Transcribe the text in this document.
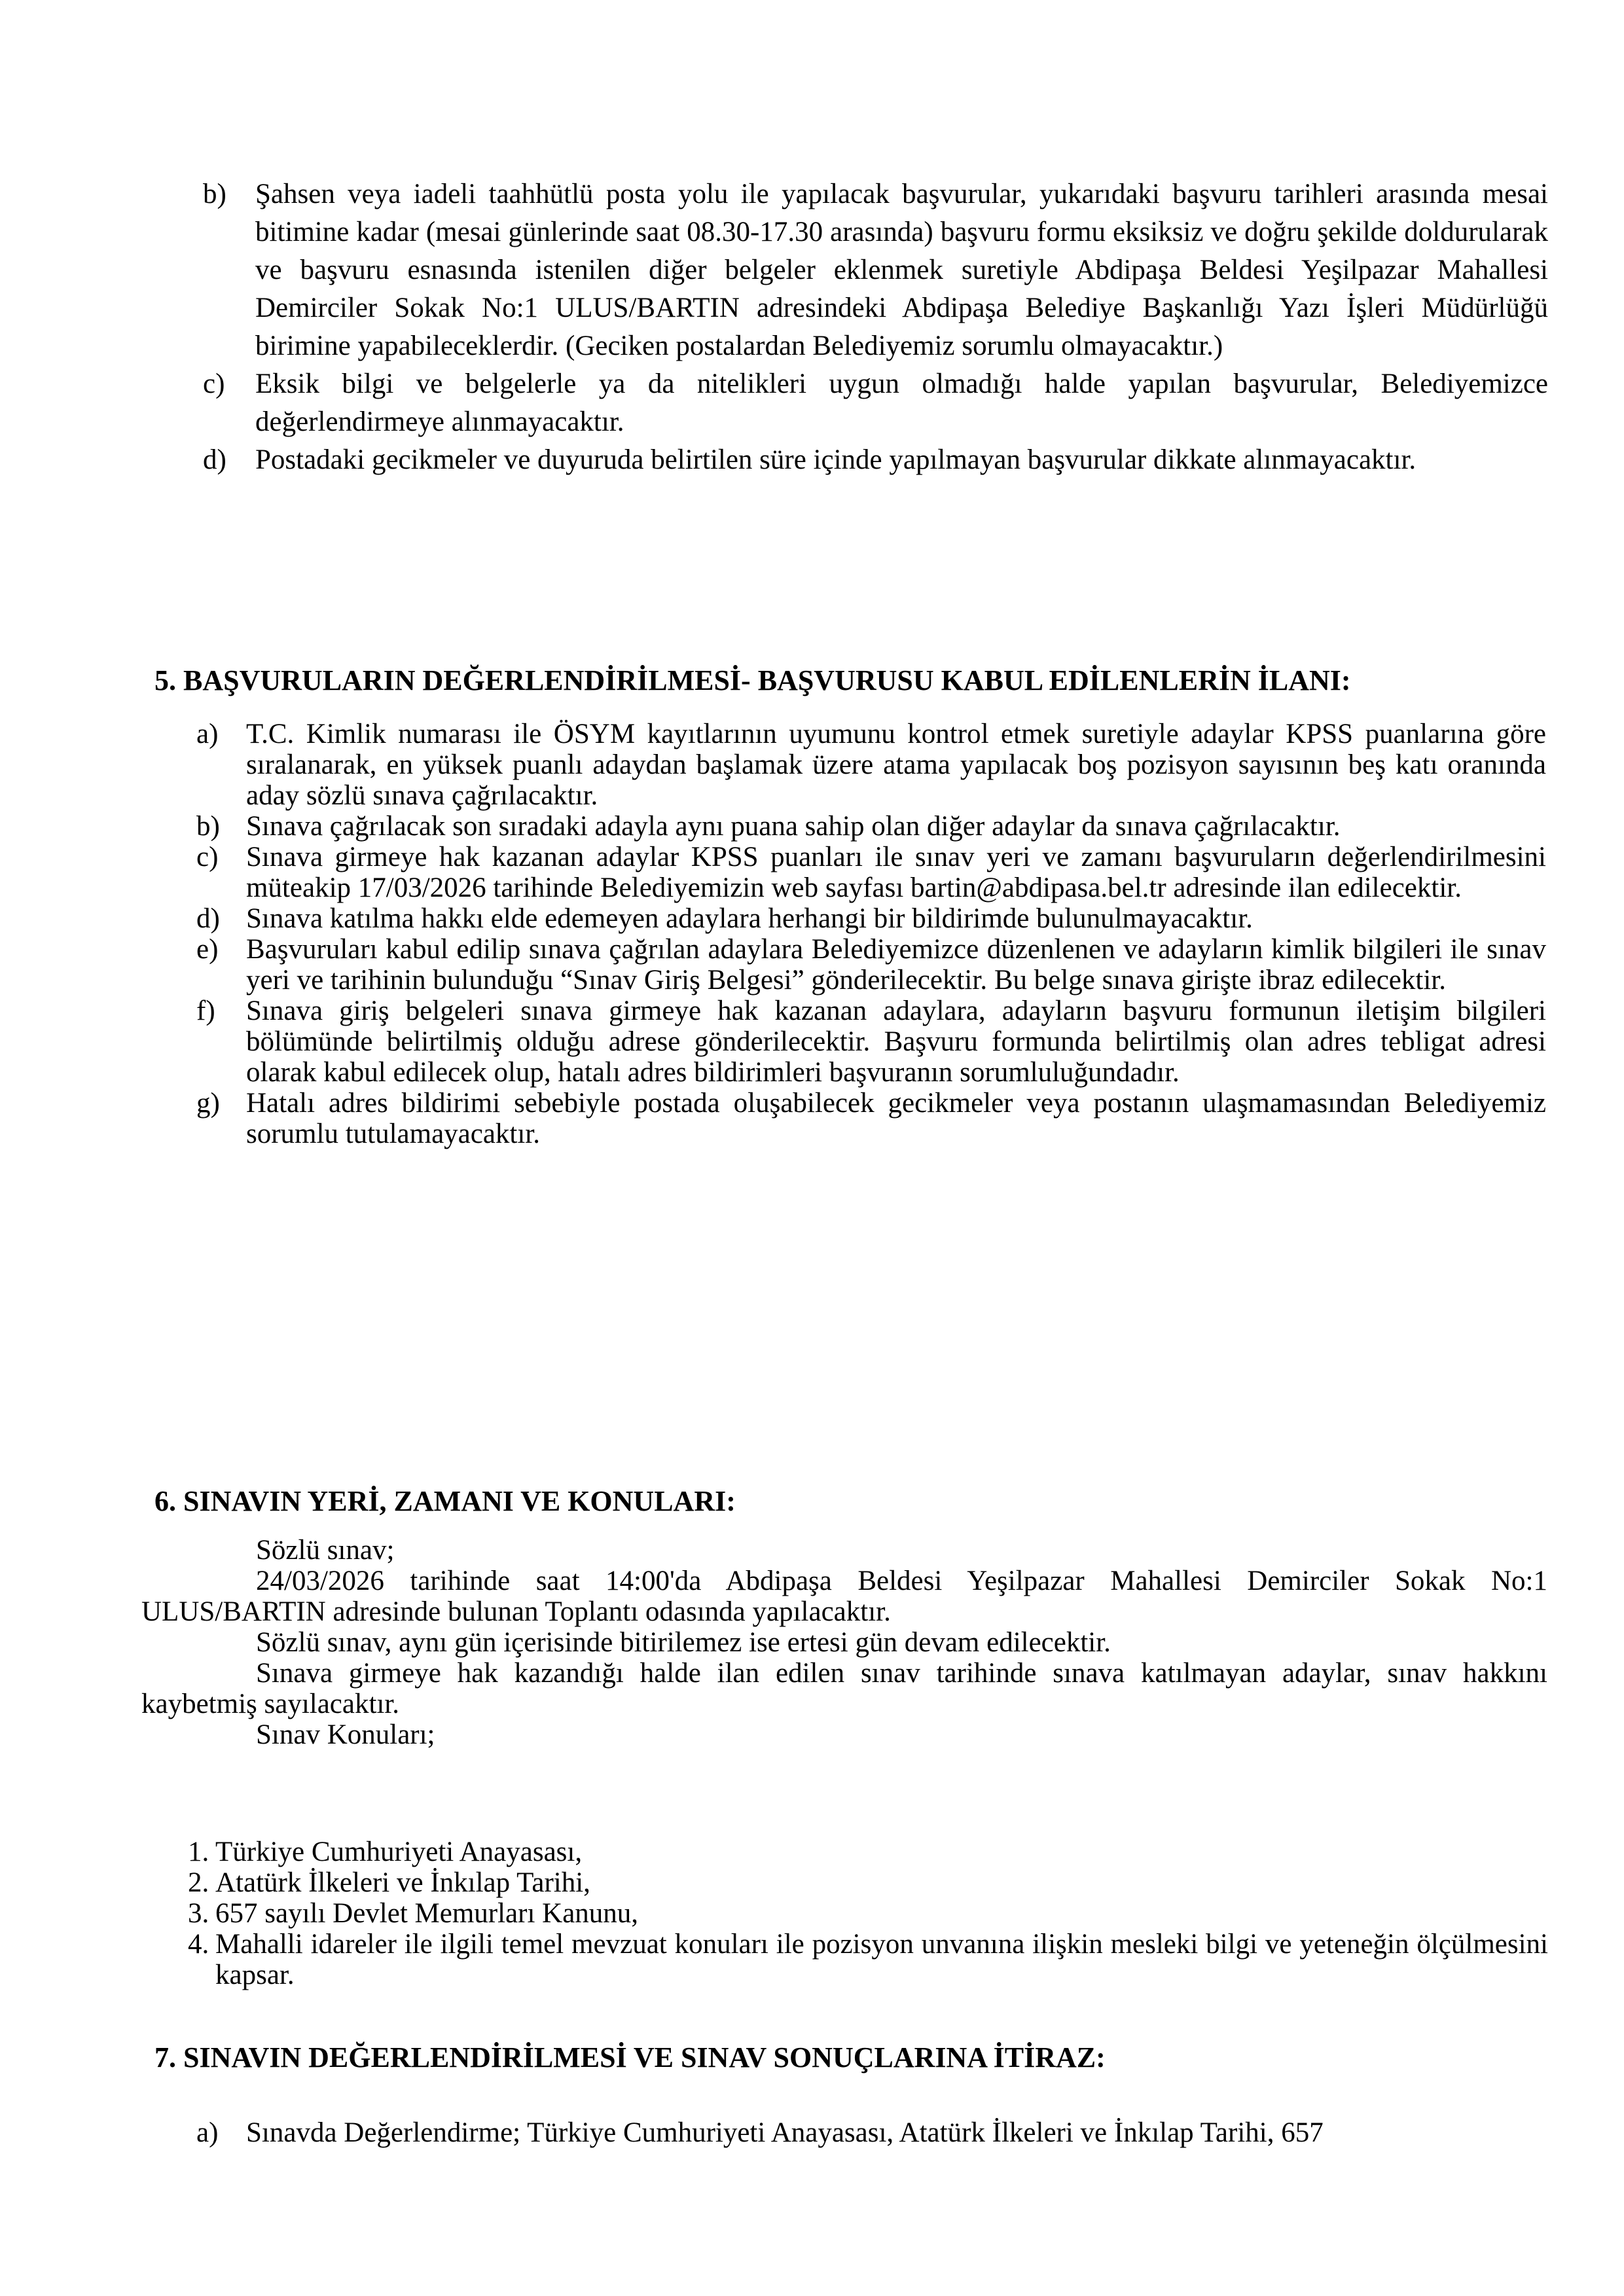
b)	Şahsen veya iadeli taahhütlü posta yolu ile yapılacak başvurular, yukarıdaki başvuru tarihleri arasında mesai bitimine kadar (mesai günlerinde saat 08.30-17.30 arasında) başvuru formu eksiksiz ve doğru şekilde doldurularak ve başvuru esnasında istenilen diğer belgeler eklenmek suretiyle Abdipaşa Beldesi Yeşilpazar Mahallesi Demirciler Sokak No:1 ULUS/BARTIN adresindeki Abdipaşa Belediye Başkanlığı Yazı İşleri Müdürlüğü birimine yapabileceklerdir. (Geciken postalardan Belediyemiz sorumlu olmayacaktır.)
c)	Eksik bilgi ve belgelerle ya da nitelikleri uygun olmadığı halde yapılan başvurular, Belediyemizce değerlendirmeye alınmayacaktır.
d)	Postadaki gecikmeler ve duyuruda belirtilen süre içinde yapılmayan başvurular dikkate alınmayacaktır.
5. BAŞVURULARIN DEĞERLENDİRİLMESİ- BAŞVURUSU KABUL EDİLENLERİN İLANI:
a) T.C. Kimlik numarası ile ÖSYM kayıtlarının uyumunu kontrol etmek suretiyle adaylar KPSS puanlarına göre sıralanarak, en yüksek puanlı adaydan başlamak üzere atama yapılacak boş pozisyon sayısının beş katı oranında aday sözlü sınava çağrılacaktır.
b) Sınava çağrılacak son sıradaki adayla aynı puana sahip olan diğer adaylar da sınava çağrılacaktır.
c) Sınava girmeye hak kazanan adaylar KPSS puanları ile sınav yeri ve zamanı başvuruların değerlendirilmesini müteakip 17/03/2026 tarihinde Belediyemizin web sayfası bartin@abdipasa.bel.tr adresinde ilan edilecektir.
d) Sınava katılma hakkı elde edemeyen adaylara herhangi bir bildirimde bulunulmayacaktır.
e) Başvuruları kabul edilip sınava çağrılan adaylara Belediyemizce düzenlenen ve adayların kimlik bilgileri ile sınav yeri ve tarihinin bulunduğu “Sınav Giriş Belgesi” gönderilecektir. Bu belge sınava girişte ibraz edilecektir.
f)	Sınava giriş belgeleri sınava girmeye hak kazanan adaylara, adayların başvuru formunun iletişim bilgileri bölümünde belirtilmiş olduğu adrese gönderilecektir. Başvuru formunda belirtilmiş olan adres tebligat adresi olarak kabul edilecek olup, hatalı adres bildirimleri başvuranın sorumluluğundadır.
g) Hatalı adres bildirimi sebebiyle postada oluşabilecek gecikmeler veya postanın ulaşmamasından Belediyemiz sorumlu tutulamayacaktır.
6. SINAVIN YERİ, ZAMANI VE KONULARI:

Sözlü sınav;

24/03/2026 tarihinde saat 14:00'da Abdipaşa Beldesi Yeşilpazar Mahallesi Demirciler Sokak No:1 ULUS/BARTIN adresinde bulunan Toplantı odasında yapılacaktır.

Sözlü sınav, aynı gün içerisinde bitirilemez ise ertesi gün devam edilecektir.

Sınava girmeye hak kazandığı halde ilan edilen sınav tarihinde sınava katılmayan adaylar, sınav hakkını kaybetmiş sayılacaktır.

Sınav Konuları;

1. Türkiye Cumhuriyeti Anayasası,
2. Atatürk İlkeleri ve İnkılap Tarihi,
3. 657 sayılı Devlet Memurları Kanunu,
4. Mahalli idareler ile ilgili temel mevzuat konuları ile pozisyon unvanına ilişkin mesleki bilgi ve yeteneğin ölçülmesini kapsar.
7. SINAVIN DEĞERLENDİRİLMESİ VE SINAV SONUÇLARINA İTİRAZ:
a) Sınavda Değerlendirme; Türkiye Cumhuriyeti Anayasası, Atatürk İlkeleri ve İnkılap Tarihi, 657
